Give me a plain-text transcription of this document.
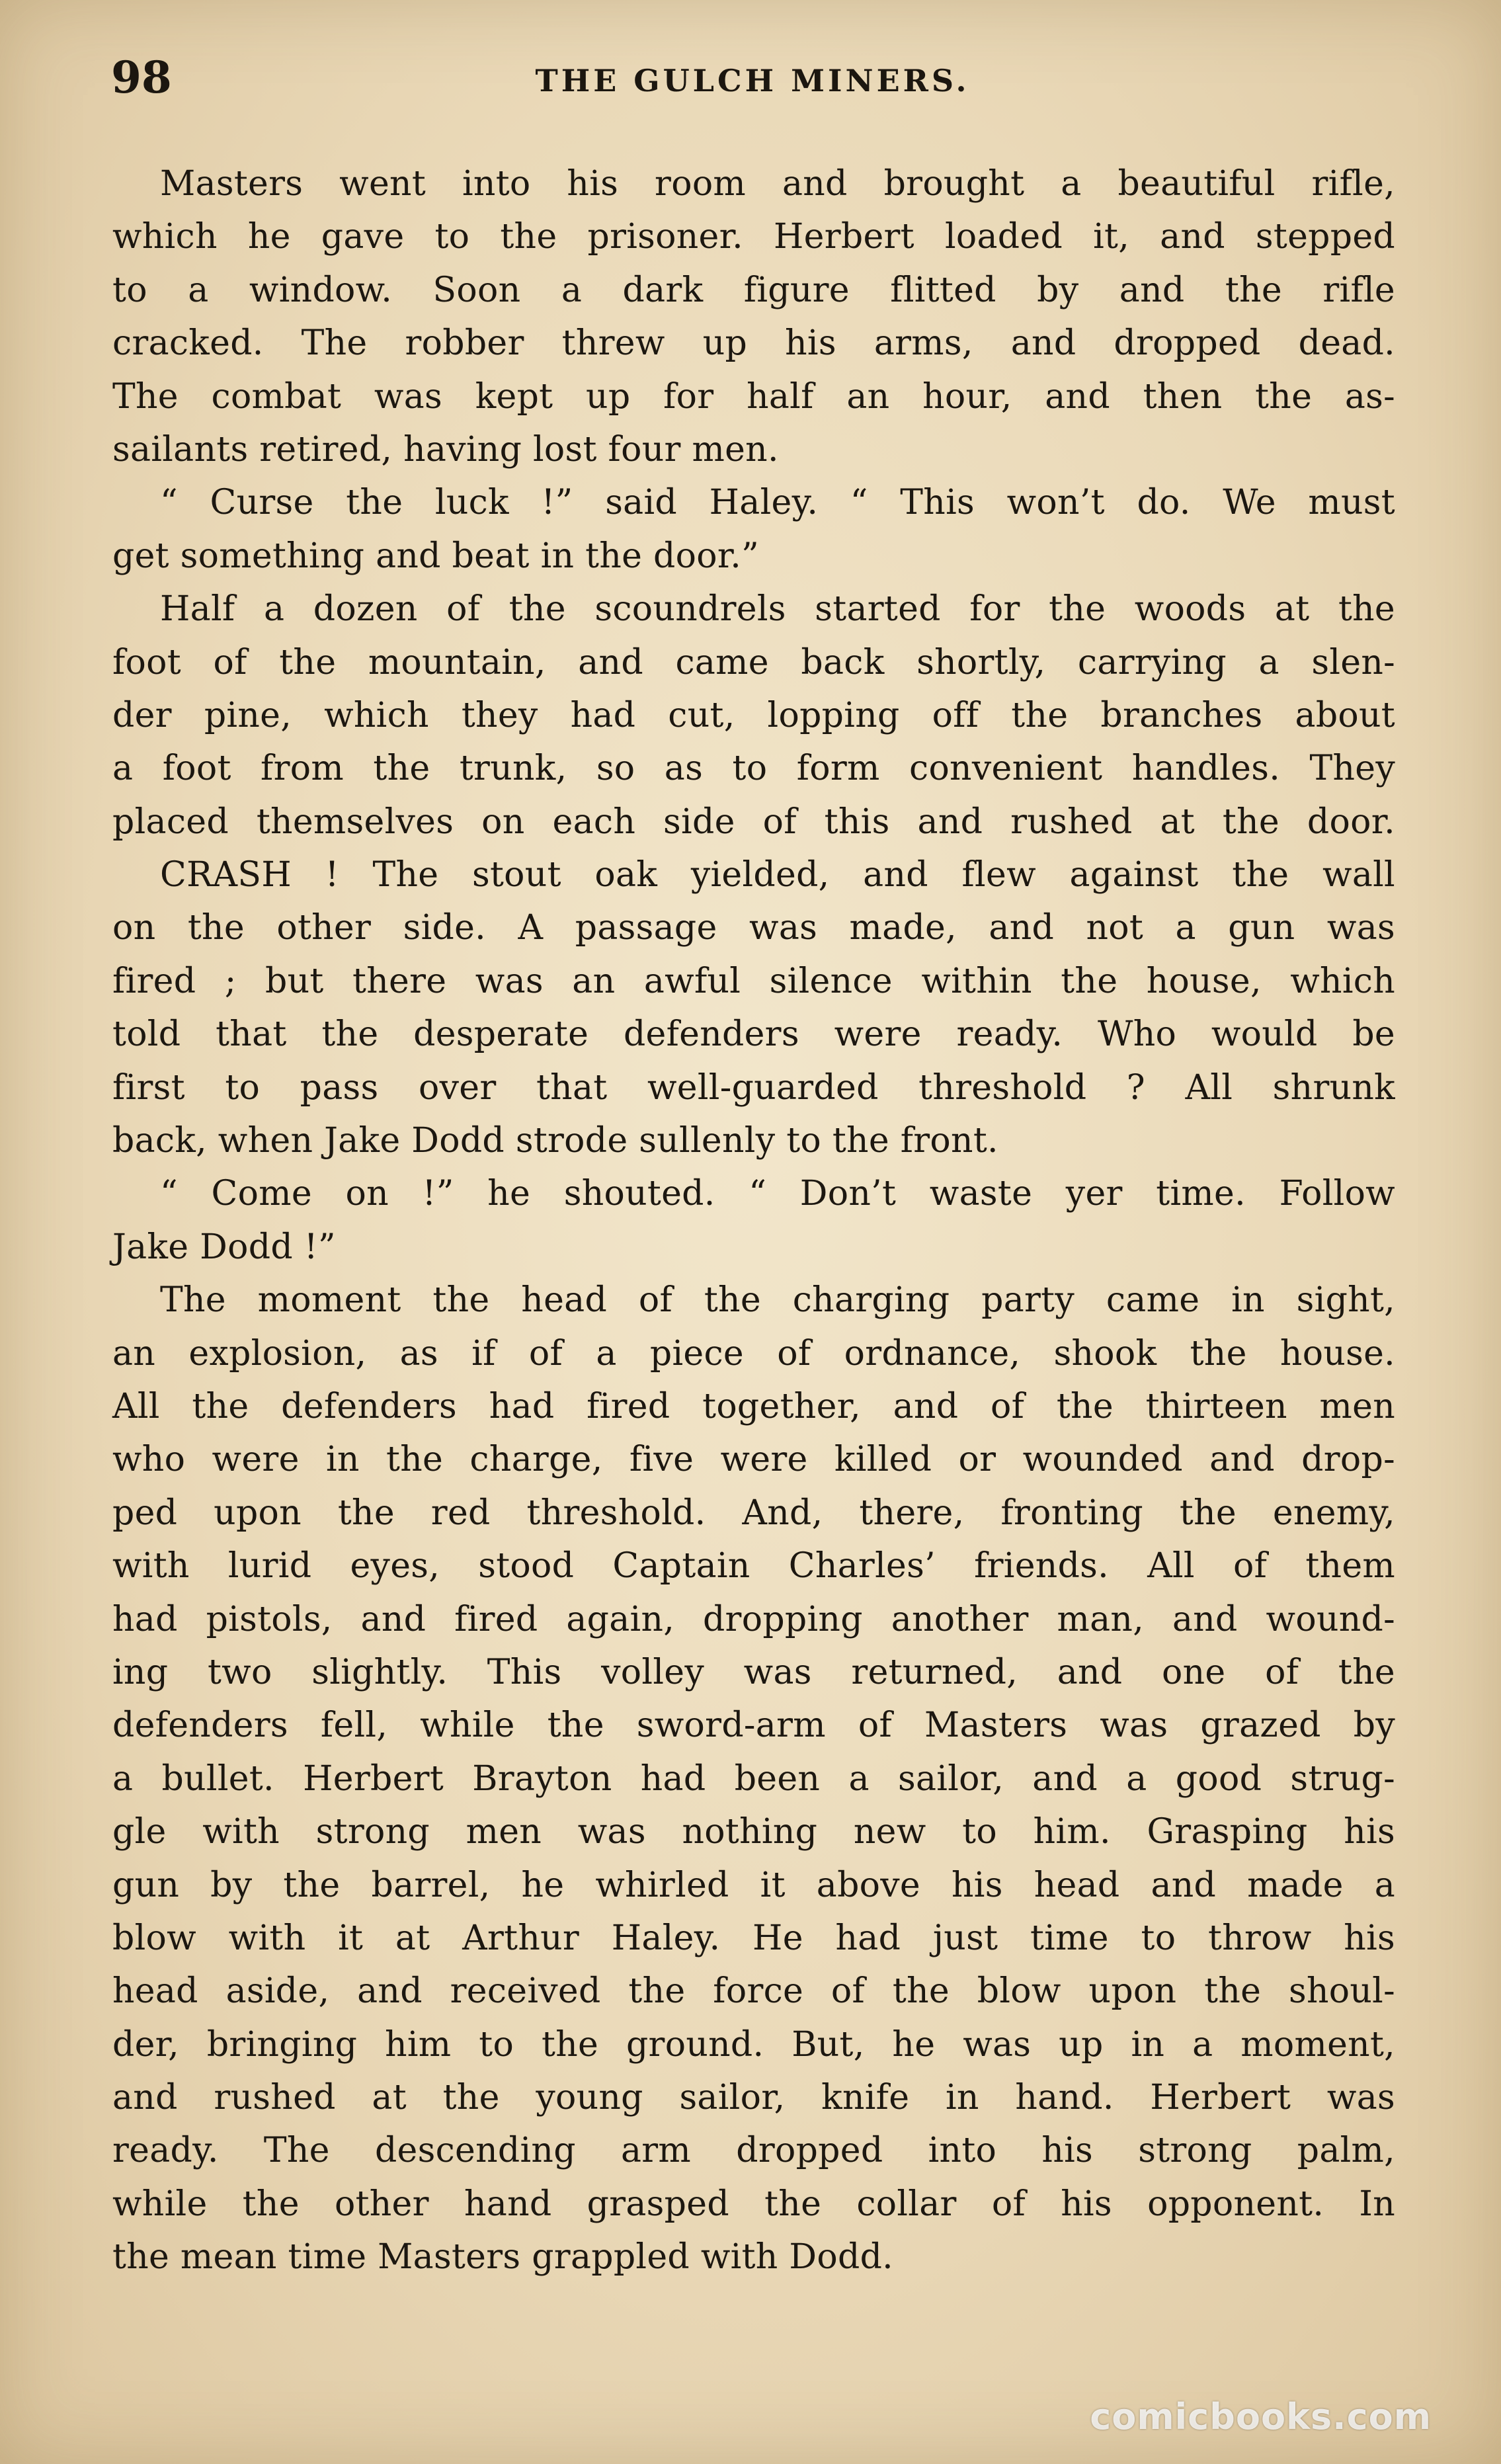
98	THE GULCH MINERS.
Masters went into his room and brought a beautiful rifle,
which he gave to the prisoner. Herbert loaded it, and stepped
to a window. Soon a dark figure flitted by and the rifle
cracked. The robber threw up his arms, and dropped dead.
The combat was kept up for half an hour, and then the as-
sailants retired, having lost four men.
“ Curse the luck !” said Haley. “ This won’t do. We must
get something and beat in the door.”
Half a dozen of the scoundrels started for the woods at the
foot of the mountain, and came back shortly, carrying a slen-
der pine, which they had cut, lopping off the branches about
a foot from the trunk, so as to form convenient handles. They
placed themselves on each side of this and rushed at the door.
CRASH ! The stout oak yielded, and flew against the wall
on the other side. A passage was made, and not a gun was
fired ; but there was an awful silence within the house, which
told that the desperate defenders were ready. Who would be
first to pass over that well-guarded threshold ? All shrunk
back, when Jake Dodd strode sullenly to the front.
“ Come on !” he shouted. “ Don’t waste yer time. Follow
Jake Dodd !”
The moment the head of the charging party came in sight,
an explosion, as if of a piece of ordnance, shook the house.
All the defenders had fired together, and of the thirteen men
who were in the charge, five were killed or wounded and drop-
ped upon the red threshold. And, there, fronting the enemy,
with lurid eyes, stood Captain Charles’ friends. All of them
had pistols, and fired again, dropping another man, and wound-
ing two slightly. This volley was returned, and one of the
defenders fell, while the sword-arm of Masters was grazed by
a bullet. Herbert Brayton had been a sailor, and a good strug-
gle with strong men was nothing new to him. Grasping his
gun by the barrel, he whirled it above his head and made a
blow with it at Arthur Haley. He had just time to throw his
head aside, and received the force of the blow upon the shoul-
der, bringing him to the ground. But, he was up in a moment,
and rushed at the young sailor, knife in hand. Herbert was
ready. The descending arm dropped into his strong palm,
while the other hand grasped the collar of his opponent. In
the mean time Masters grappled with Dodd.
comicbooks.com
